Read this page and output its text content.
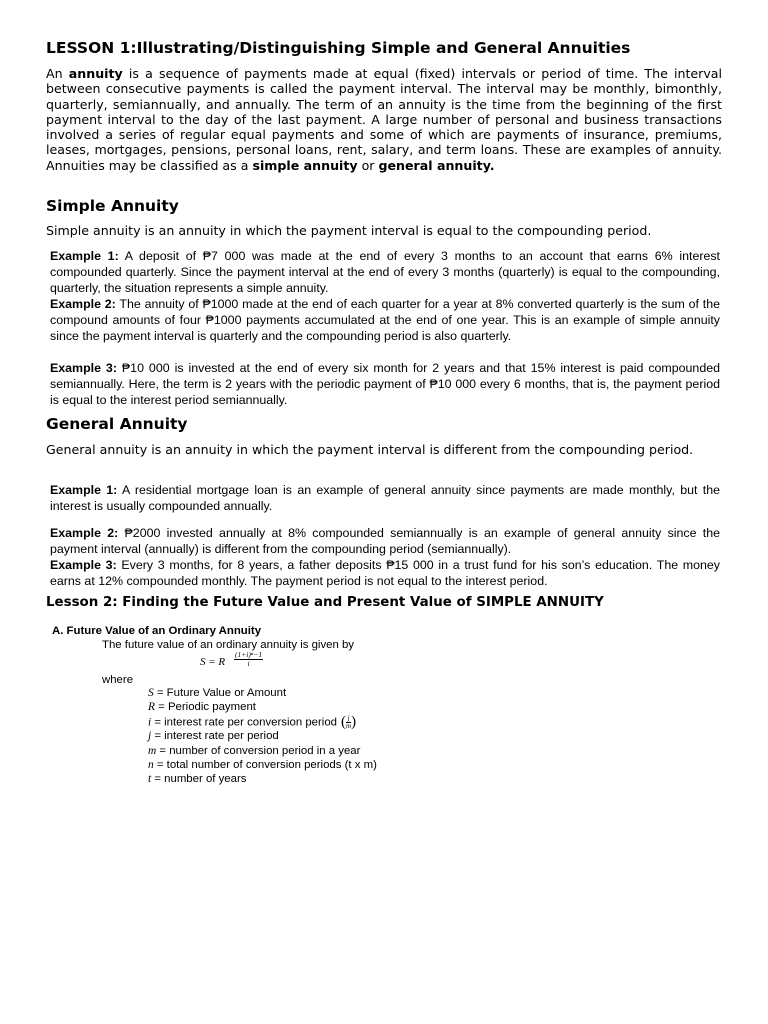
LESSON 1:Illustrating/Distinguishing Simple and General Annuities

An annuity is a sequence of payments made at equal (fixed) intervals or period of time. The interval between consecutive payments is called the payment interval. The interval may be monthly, bimonthly, quarterly, semiannually, and annually. The term of an annuity is the time from the beginning of the first payment interval to the day of the last payment. A large number of personal and business transactions involved a series of regular equal payments and some of which are payments of insurance, premiums, leases, mortgages, pensions, personal loans, rent, salary, and term loans. These are examples of annuity. Annuities may be classified as a simple annuity or general annuity.

Simple Annuity

Simple annuity is an annuity in which the payment interval is equal to the compounding period.

Example 1: A deposit of ₱7 000 was made at the end of every 3 months to an account that earns 6% interest compounded quarterly. Since the payment interval at the end of every 3 months (quarterly) is equal to the compounding, quarterly, the situation represents a simple annuity.

Example 2: The annuity of ₱1000 made at the end of each quarter for a year at 8% converted quarterly is the sum of the compound amounts of four ₱1000 payments accumulated at the end of one year. This is an example of simple annuity since the payment interval is quarterly and the compounding period is also quarterly.

Example 3: ₱10 000 is invested at the end of every six month for 2 years and that 15% interest is paid compounded semiannually. Here, the term is 2 years with the periodic payment of ₱10 000 every 6 months, that is, the payment period is equal to the interest period semiannually.

General Annuity

General annuity is an annuity in which the payment interval is different from the compounding period.

Example 1: A residential mortgage loan is an example of general annuity since payments are made monthly, but the interest is usually compounded annually.

Example 2: ₱2000 invested annually at 8% compounded semiannually is an example of general annuity since the payment interval (annually) is different from the compounding period (semiannually).

Example 3: Every 3 months, for 8 years, a father deposits ₱15 000 in a trust fund for his son’s education. The money earns at 12% compounded monthly. The payment period is not equal to the interest period.

Lesson 2: Finding the Future Value and Present Value of SIMPLE ANNUITY

A. Future Value of an Ordinary Annuity
The future value of an ordinary annuity is given by
S = R $\frac{\text{(1+i)ⁿ−1}}{i}$
where
S = Future Value or Amount
R = Periodic payment
i = interest rate per conversion period ( $\frac{j}{m}$ )
j = interest rate per period
m = number of conversion period in a year
n = total number of conversion periods (t x m)
t = number of years
